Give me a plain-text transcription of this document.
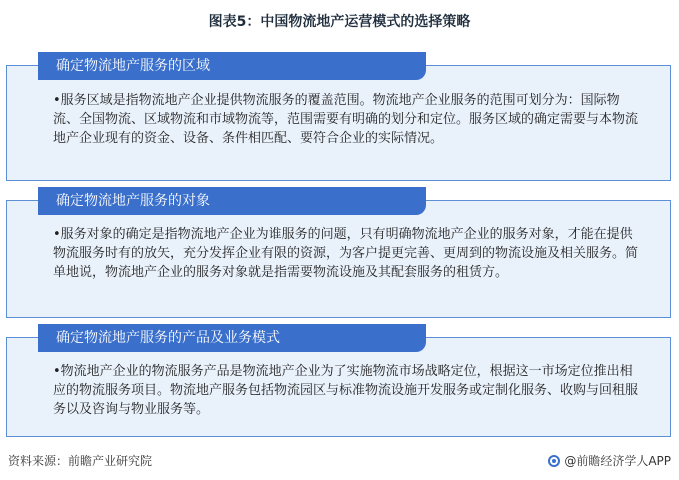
图表5：中国物流地产运营模式的选择策略
•服务区域是指物流地产企业提供物流服务的覆盖范围。物流地产企业服务的范围可划分为：国际物流、全国物流、区域物流和市域物流等，范围需要有明确的划分和定位。服务区域的确定需要与本物流地产企业现有的资金、设备、条件相匹配、要符合企业的实际情况。
确定物流地产服务的区域
•服务对象的确定是指物流地产企业为谁服务的问题，只有明确物流地产企业的服务对象，才能在提供物流服务时有的放矢，充分发挥企业有限的资源，为客户提更完善、更周到的物流设施及相关服务。简单地说，物流地产企业的服务对象就是指需要物流设施及其配套服务的租赁方。
确定物流地产服务的对象
•物流地产企业的物流服务产品是物流地产企业为了实施物流市场战略定位，根据这一市场定位推出相应的物流服务项目。物流地产服务包括物流园区与标准物流设施开发服务或定制化服务、收购与回租服务以及咨询与物业服务等。
确定物流地产服务的产品及业务模式
资料来源：前瞻产业研究院	@前瞻经济学人APP
